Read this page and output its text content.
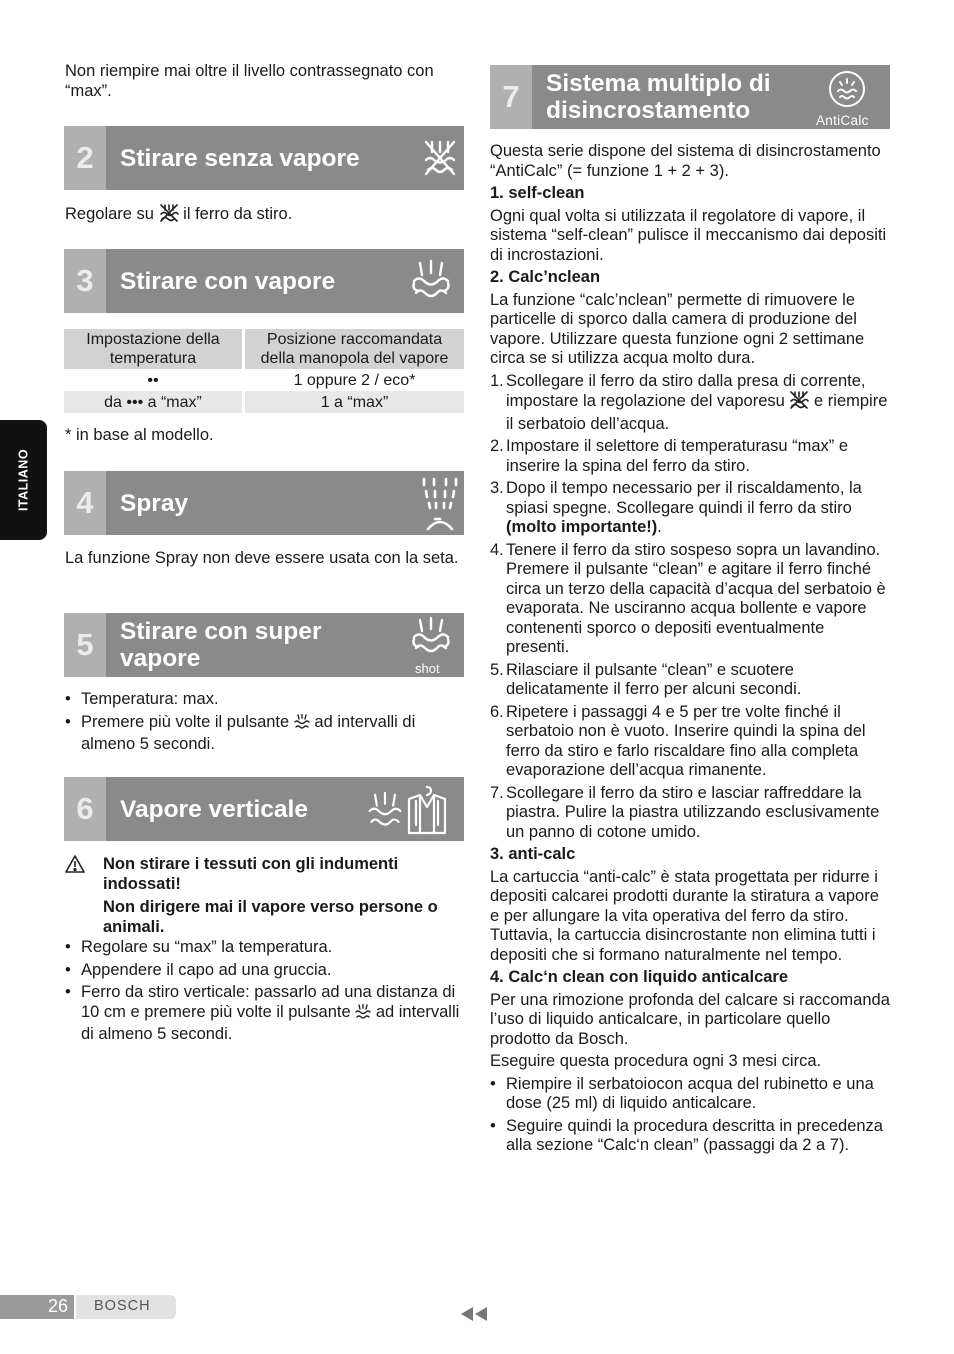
Non riempire mai oltre il livello contrassegnato con “max”.

2	Stirare senza vapore
Regolare su il ferro da stiro.
3	Stirare con vapore
Impostazione della temperatura	Posizione raccomandata della manopola del vapore
••	1 oppure 2 / eco*
da ••• a “max”	1 a “max”
* in base al modello.
4	Spray
La funzione Spray non deve essere usata con la seta.
5	Stirare con super vapore	shot
• Temperatura: max.
• Premere più volte il pulsante ad intervalli di almeno 5 secondi.
6	Vapore verticale

Non stirare i tessuti con gli indumenti indossati!

Non dirigere mai il vapore verso persone o animali.

• Regolare su “max” la temperatura.
• Appendere il capo ad una gruccia.
• Ferro da stiro verticale: passarlo ad una distanza di 10 cm e premere più volte il pulsante ad intervalli di almeno 5 secondi.
7	Sistema multiplo di disincrostamento	AntiCalc

Questa serie dispone del sistema di disincrostamento “AntiCalc” (= funzione 1 + 2 + 3).

1. self-clean

Ogni qual volta si utilizzata il regolatore di vapore, il sistema “self-clean” pulisce il meccanismo dai depositi di incrostazioni.

2. Calc’nclean

La funzione “calc’nclean” permette di rimuovere le particelle di sporco dalla camera di produzione del vapore. Utilizzare questa funzione ogni 2 settimane circa se si utilizza acqua molto dura.

1. Scollegare il ferro da stiro dalla presa di corrente, impostare la regolazione del vaporesu e riempire il serbatoio dell’acqua.
2. Impostare il selettore di temperaturasu “max” e inserire la spina del ferro da stiro.
3. Dopo il tempo necessario per il riscaldamento, la spiasi spegne. Scollegare quindi il ferro da stiro (molto importante!).
4. Tenere il ferro da stiro sospeso sopra un lavandino. Premere il pulsante “clean” e agitare il ferro finché circa un terzo della capacità d’acqua del serbatoio è evaporata. Ne usciranno acqua bollente e vapore contenenti sporco o depositi eventualmente presenti.
5. Rilasciare il pulsante “clean” e scuotere delicatamente il ferro per alcuni secondi.
6. Ripetere i passaggi 4 e 5 per tre volte finché il serbatoio non è vuoto. Inserire quindi la spina del ferro da stiro e farlo riscaldare fino alla completa evaporazione dell’acqua rimanente.
7. Scollegare il ferro da stiro e lasciar raffreddare la piastra. Pulire la piastra utilizzando esclusivamente un panno di cotone umido.

3. anti-calc

La cartuccia “anti-calc” è stata progettata per ridurre i depositi calcarei prodotti durante la stiratura a vapore e per allungare la vita operativa del ferro da stiro. Tuttavia, la cartuccia disincrostante non elimina tutti i depositi che si formano naturalmente nel tempo.

4. Calc‘n clean con liquido anticalcare

Per una rimozione profonda del calcare si raccomanda l’uso di liquido anticalcare, in particolare quello prodotto da Bosch.

Eseguire questa procedura ogni 3 mesi circa.

• Riempire il serbatoiocon acqua del rubinetto e una dose (25 ml) di liquido anticalcare.
• Seguire quindi la procedura descritta in precedenza alla sezione “Calc‘n clean” (passaggi da 2 a 7).
ITALIANO
26	BOSCH
